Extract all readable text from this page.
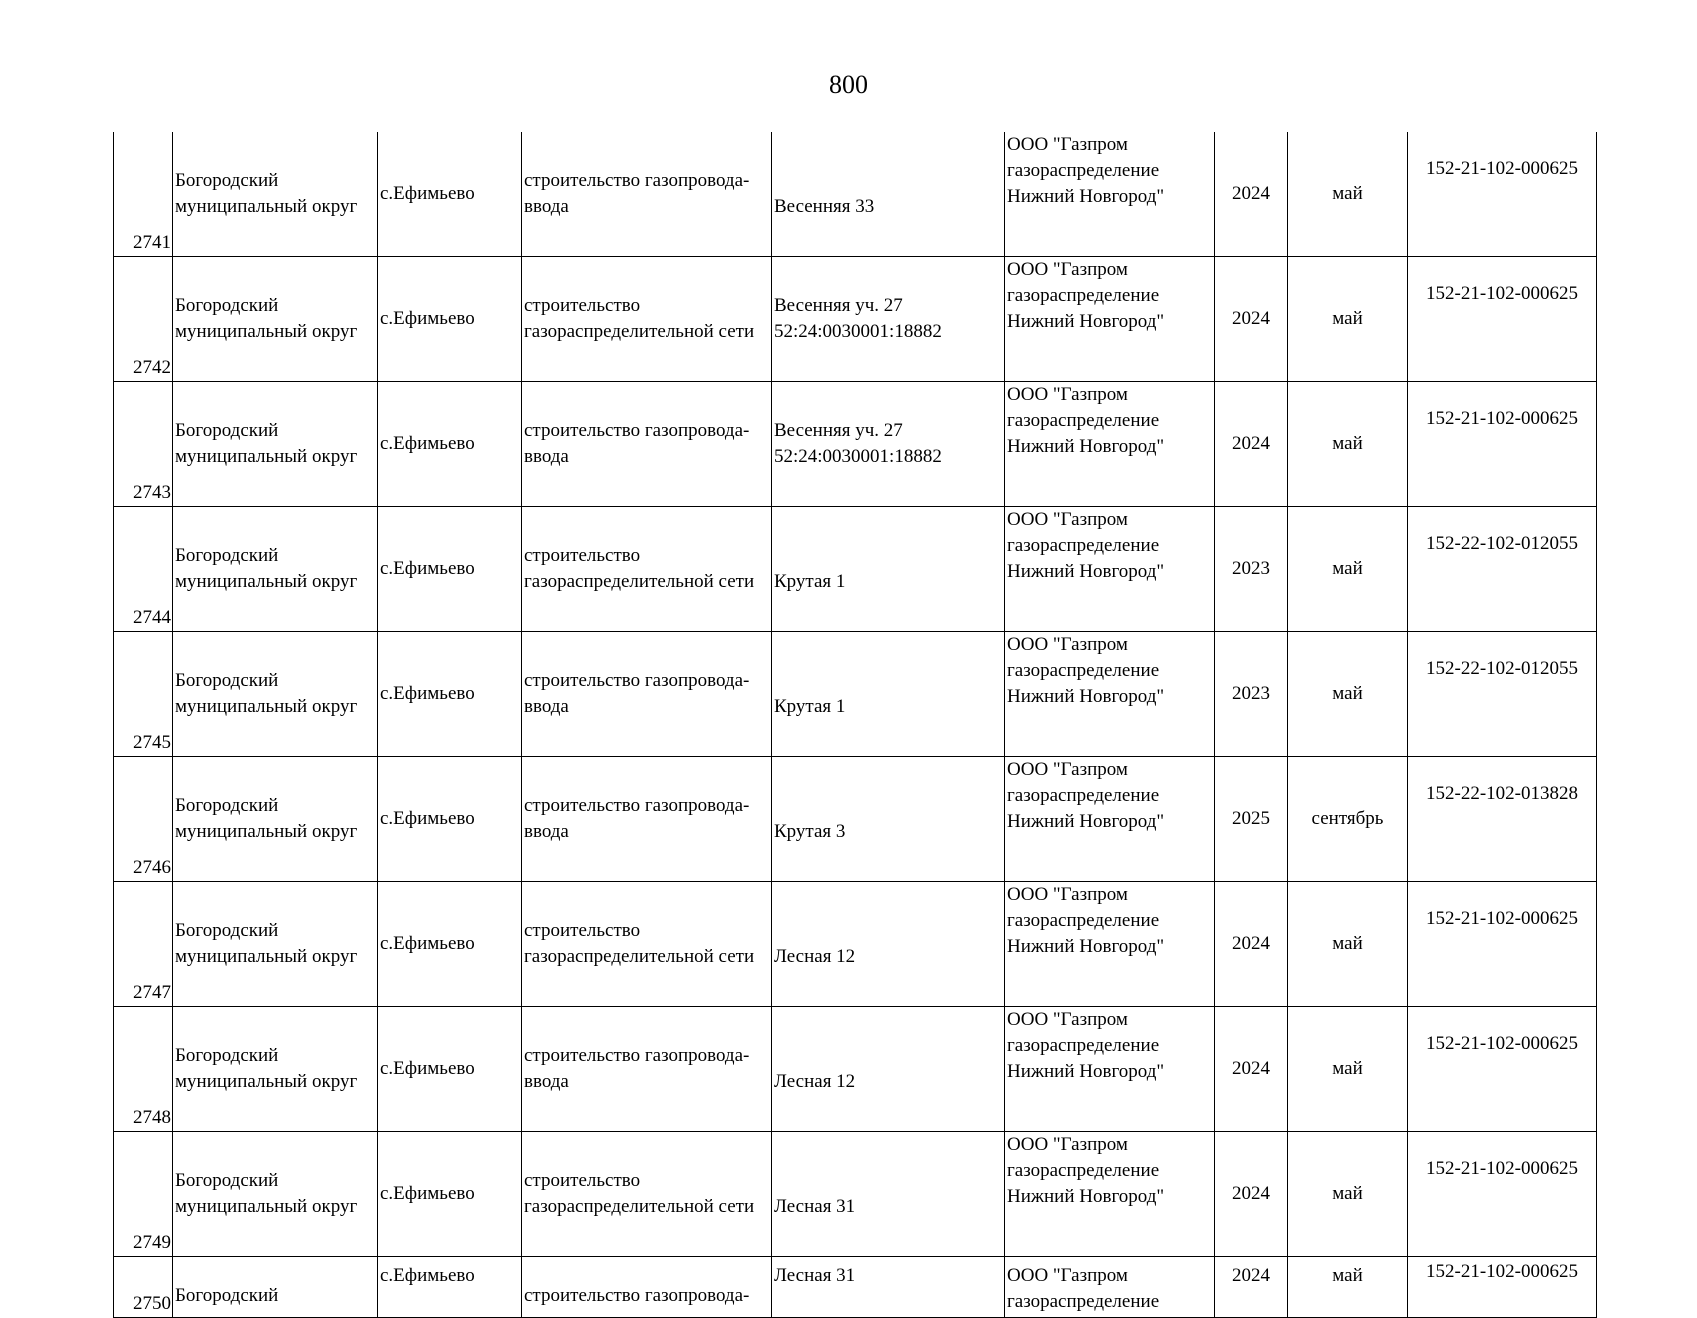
800
2741	Богородский
муниципальный округ	с.Ефимьево	строительство газопровода-
ввода	Весенняя 33	ООО "Газпром
газораспределение
Нижний Новгород"	2024	май	152-21-102-000625

2742	Богородский
муниципальный округ	с.Ефимьево	строительство
газораспределительной сети	Весенняя уч. 27
52:24:0030001:18882	ООО "Газпром
газораспределение
Нижний Новгород"	2024	май	152-21-102-000625

2743	Богородский
муниципальный округ	с.Ефимьево	строительство газопровода-
ввода	Весенняя уч. 27
52:24:0030001:18882	ООО "Газпром
газораспределение
Нижний Новгород"	2024	май	152-21-102-000625

2744	Богородский
муниципальный округ	с.Ефимьево	строительство
газораспределительной сети	Крутая 1	ООО "Газпром
газораспределение
Нижний Новгород"	2023	май	152-22-102-012055

2745	Богородский
муниципальный округ	с.Ефимьево	строительство газопровода-
ввода	Крутая 1	ООО "Газпром
газораспределение
Нижний Новгород"	2023	май	152-22-102-012055

2746	Богородский
муниципальный округ	с.Ефимьево	строительство газопровода-
ввода	Крутая 3	ООО "Газпром
газораспределение
Нижний Новгород"	2025	сентябрь	152-22-102-013828

2747	Богородский
муниципальный округ	с.Ефимьево	строительство
газораспределительной сети	Лесная 12	ООО "Газпром
газораспределение
Нижний Новгород"	2024	май	152-21-102-000625

2748	Богородский
муниципальный округ	с.Ефимьево	строительство газопровода-
ввода	Лесная 12	ООО "Газпром
газораспределение
Нижний Новгород"	2024	май	152-21-102-000625

2749	Богородский
муниципальный округ	с.Ефимьево	строительство
газораспределительной сети	Лесная 31	ООО "Газпром
газораспределение
Нижний Новгород"	2024	май	152-21-102-000625

2750	Богородский	с.Ефимьево	строительство газопровода-	Лесная 31	ООО "Газпром
газораспределение	2024	май	152-21-102-000625
